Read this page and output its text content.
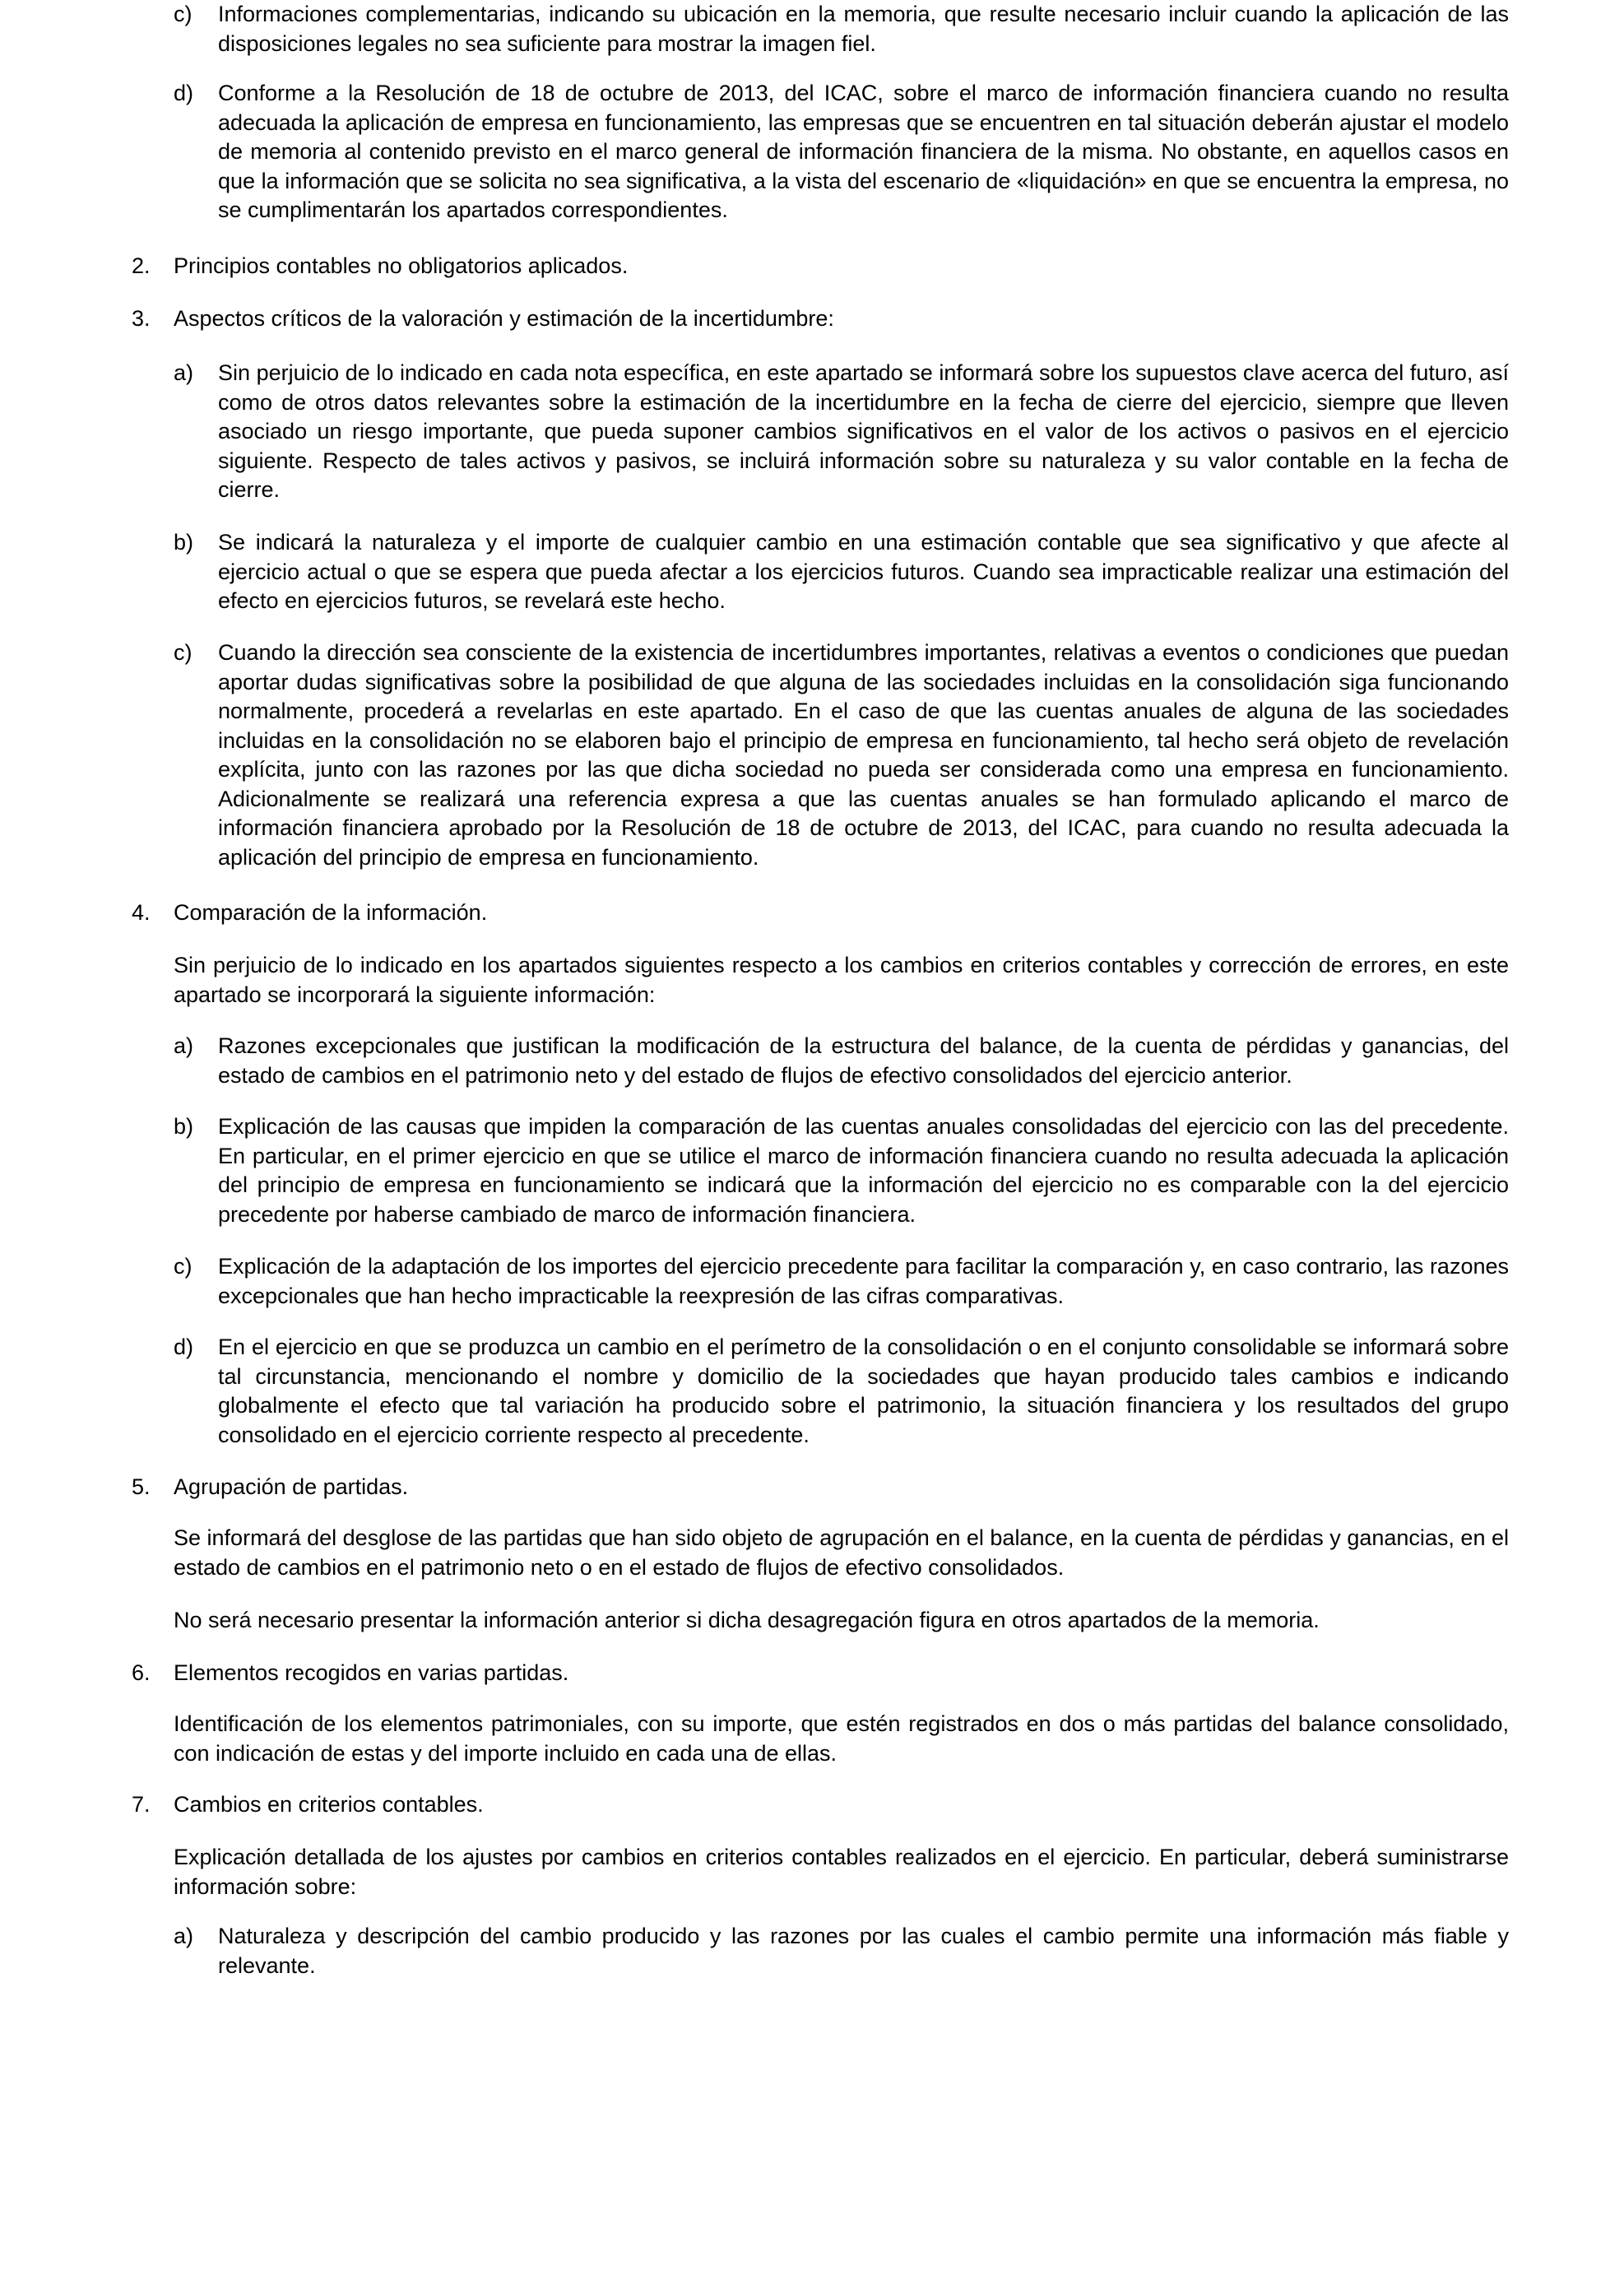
c) Informaciones complementarias, indicando su ubicación en la memoria, que resulte necesario incluir cuando la aplicación de las disposiciones legales no sea suficiente para mostrar la imagen fiel.
d) Conforme a la Resolución de 18 de octubre de 2013, del ICAC, sobre el marco de información financiera cuando no resulta adecuada la aplicación de empresa en funcionamiento, las empresas que se encuentren en tal situación deberán ajustar el modelo de memoria al contenido previsto en el marco general de información financiera de la misma. No obstante, en aquellos casos en que la información que se solicita no sea significativa, a la vista del escenario de «liquidación» en que se encuentra la empresa, no se cumplimentarán los apartados correspondientes.
2. Principios contables no obligatorios aplicados.
3. Aspectos críticos de la valoración y estimación de la incertidumbre:
a) Sin perjuicio de lo indicado en cada nota específica, en este apartado se informará sobre los supuestos clave acerca del futuro, así como de otros datos relevantes sobre la estimación de la incertidumbre en la fecha de cierre del ejercicio, siempre que lleven asociado un riesgo importante, que pueda suponer cambios significativos en el valor de los activos o pasivos en el ejercicio siguiente. Respecto de tales activos y pasivos, se incluirá información sobre su naturaleza y su valor contable en la fecha de cierre.
b) Se indicará la naturaleza y el importe de cualquier cambio en una estimación contable que sea significativo y que afecte al ejercicio actual o que se espera que pueda afectar a los ejercicios futuros. Cuando sea impracticable realizar una estimación del efecto en ejercicios futuros, se revelará este hecho.
c) Cuando la dirección sea consciente de la existencia de incertidumbres importantes, relativas a eventos o condiciones que puedan aportar dudas significativas sobre la posibilidad de que alguna de las sociedades incluidas en la consolidación siga funcionando normalmente, procederá a revelarlas en este apartado. En el caso de que las cuentas anuales de alguna de las sociedades incluidas en la consolidación no se elaboren bajo el principio de empresa en funcionamiento, tal hecho será objeto de revelación explícita, junto con las razones por las que dicha sociedad no pueda ser considerada como una empresa en funcionamiento. Adicionalmente se realizará una referencia expresa a que las cuentas anuales se han formulado aplicando el marco de información financiera aprobado por la Resolución de 18 de octubre de 2013, del ICAC, para cuando no resulta adecuada la aplicación del principio de empresa en funcionamiento.
4. Comparación de la información.
Sin perjuicio de lo indicado en los apartados siguientes respecto a los cambios en criterios contables y corrección de errores, en este apartado se incorporará la siguiente información:
a) Razones excepcionales que justifican la modificación de la estructura del balance, de la cuenta de pérdidas y ganancias, del estado de cambios en el patrimonio neto y del estado de flujos de efectivo consolidados del ejercicio anterior.
b) Explicación de las causas que impiden la comparación de las cuentas anuales consolidadas del ejercicio con las del precedente. En particular, en el primer ejercicio en que se utilice el marco de información financiera cuando no resulta adecuada la aplicación del principio de empresa en funcionamiento se indicará que la información del ejercicio no es comparable con la del ejercicio precedente por haberse cambiado de marco de información financiera.
c) Explicación de la adaptación de los importes del ejercicio precedente para facilitar la comparación y, en caso contrario, las razones excepcionales que han hecho impracticable la reexpresión de las cifras comparativas.
d) En el ejercicio en que se produzca un cambio en el perímetro de la consolidación o en el conjunto consolidable se informará sobre tal circunstancia, mencionando el nombre y domicilio de la sociedades que hayan producido tales cambios e indicando globalmente el efecto que tal variación ha producido sobre el patrimonio, la situación financiera y los resultados del grupo consolidado en el ejercicio corriente respecto al precedente.
5. Agrupación de partidas.
Se informará del desglose de las partidas que han sido objeto de agrupación en el balance, en la cuenta de pérdidas y ganancias, en el estado de cambios en el patrimonio neto o en el estado de flujos de efectivo consolidados.
No será necesario presentar la información anterior si dicha desagregación figura en otros apartados de la memoria.
6. Elementos recogidos en varias partidas.
Identificación de los elementos patrimoniales, con su importe, que estén registrados en dos o más partidas del balance consolidado, con indicación de estas y del importe incluido en cada una de ellas.
7. Cambios en criterios contables.
Explicación detallada de los ajustes por cambios en criterios contables realizados en el ejercicio. En particular, deberá suministrarse información sobre:
a) Naturaleza y descripción del cambio producido y las razones por las cuales el cambio permite una información más fiable y relevante.
